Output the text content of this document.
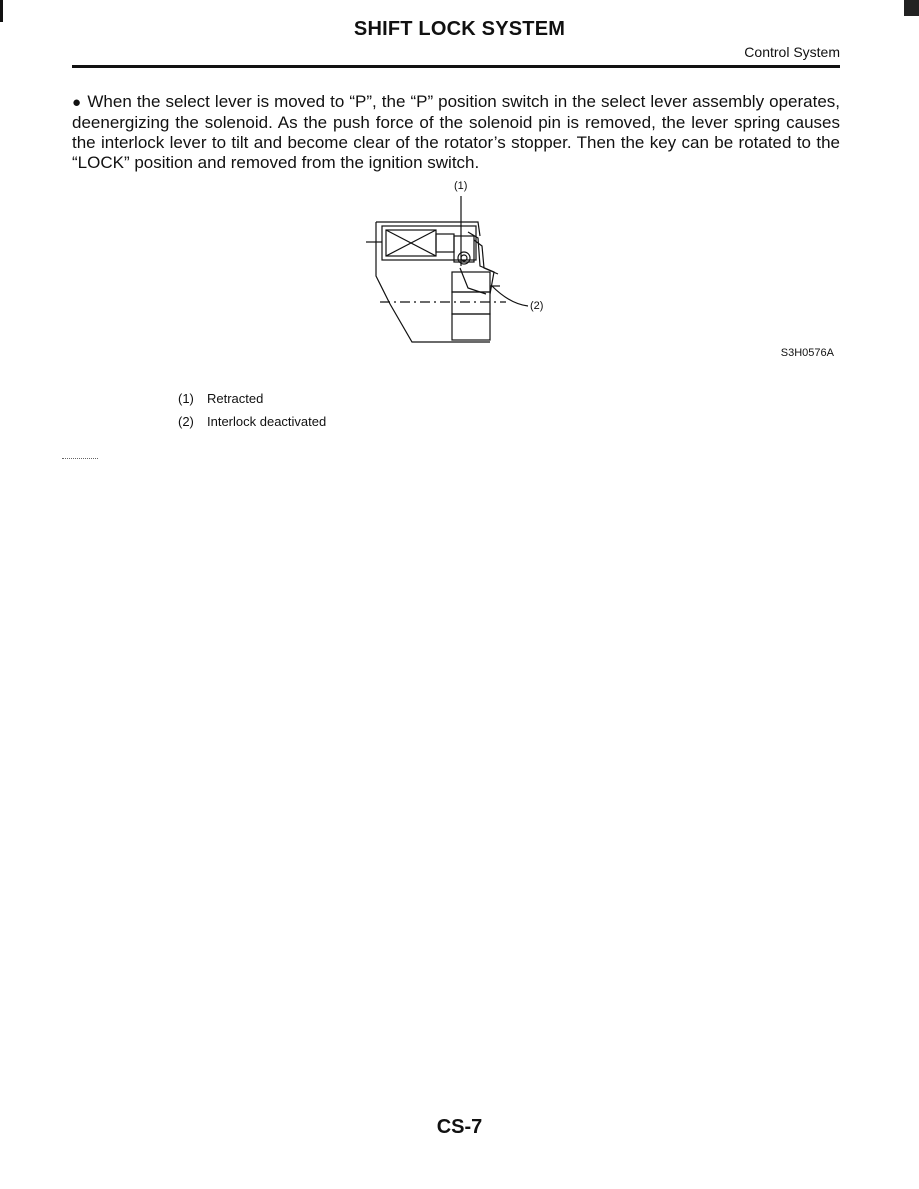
SHIFT LOCK SYSTEM
Control System

● When the select lever is moved to “P”, the “P” position switch in the select lever assembly operates, deenergizing the solenoid. As the push force of the solenoid pin is removed, the lever spring causes the interlock lever to tilt and become clear of the rotator’s stopper. Then the key can be rotated to the “LOCK” position and removed from the ignition switch.

(1)
(2)
S3H0576A
(1)	Retracted
(2)	Interlock deactivated
CS-7
